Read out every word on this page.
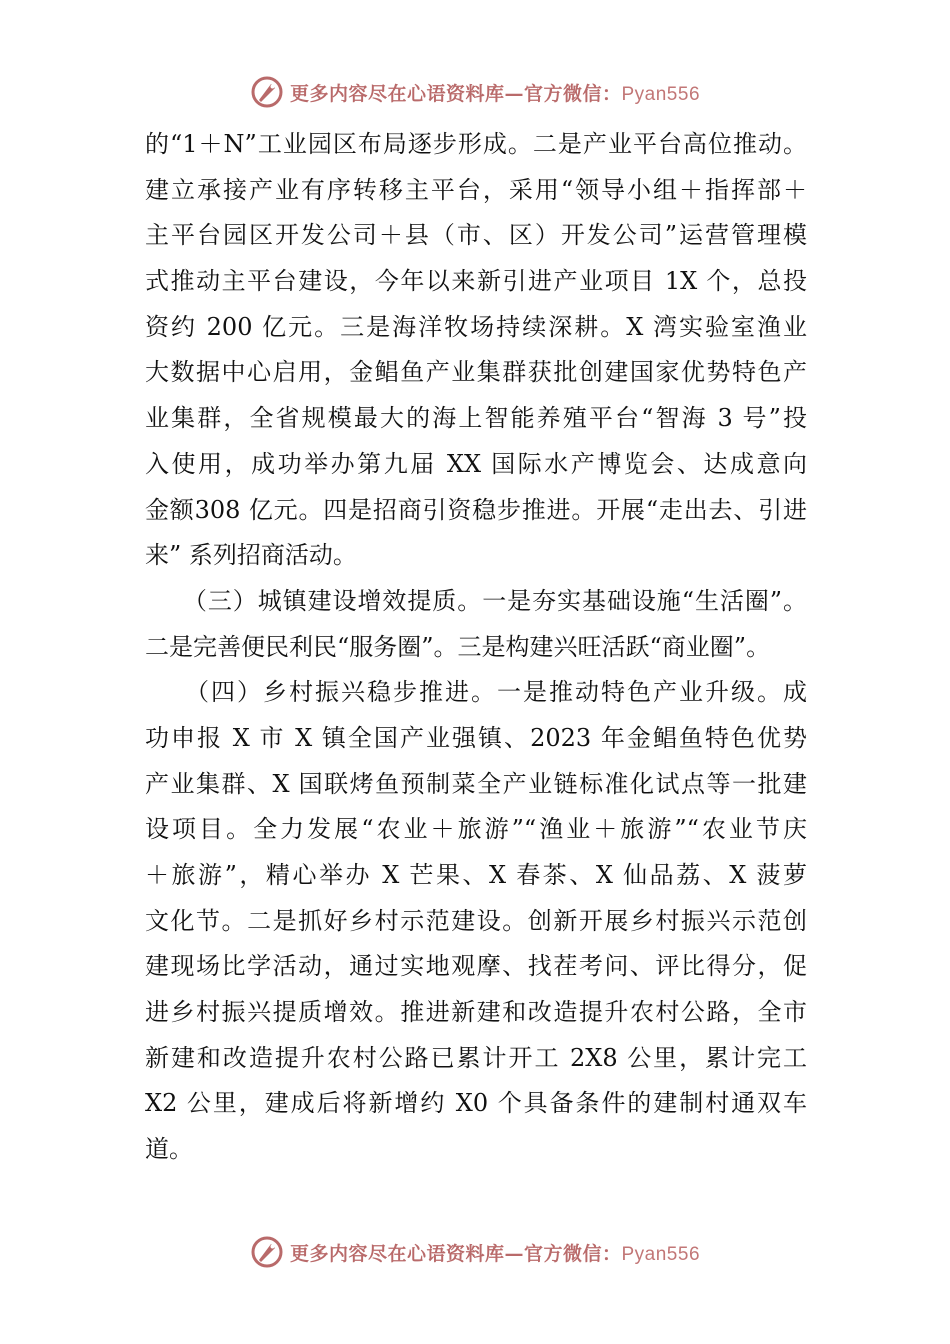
更多内容尽在心语资料库—官方微信：Pyan556
的“1＋N”工业园区布局逐步形成。二是产业平台高位推动。
建立承接产业有序转移主平台，采用“领导小组＋指挥部＋
主平台园区开发公司＋县（市、区）开发公司”运营管理模
式推动主平台建设，今年以来新引进产业项目 1X 个，总投
资约 200 亿元。三是海洋牧场持续深耕。X 湾实验室渔业
大数据中心启用，金鲳鱼产业集群获批创建国家优势特色产
业集群，全省规模最大的海上智能养殖平台“智海 3 号”投
入使用，成功举办第九届 XX 国际水产博览会、达成意向
金额308 亿元。四是招商引资稳步推进。开展“走出去、引进
来” 系列招商活动。
　　（三）城镇建设增效提质。一是夯实基础设施“生活圈”。
二是完善便民利民“服务圈”。三是构建兴旺活跃“商业圈”。
　　（四）乡村振兴稳步推进。一是推动特色产业升级。成
功申报 X 市 X 镇全国产业强镇、2023 年金鲳鱼特色优势
产业集群、X 国联烤鱼预制菜全产业链标准化试点等一批建
设项目。全力发展“农业＋旅游”“渔业＋旅游”“农业节庆
＋旅游”，精心举办 X 芒果、X 春茶、X 仙品荔、X 菠萝
文化节。二是抓好乡村示范建设。创新开展乡村振兴示范创
建现场比学活动，通过实地观摩、找茬考问、评比得分，促
进乡村振兴提质增效。推进新建和改造提升农村公路，全市
新建和改造提升农村公路已累计开工 2X8 公里，累计完工
X2 公里，建成后将新增约 X0 个具备条件的建制村通双车
道。
更多内容尽在心语资料库—官方微信：Pyan556
